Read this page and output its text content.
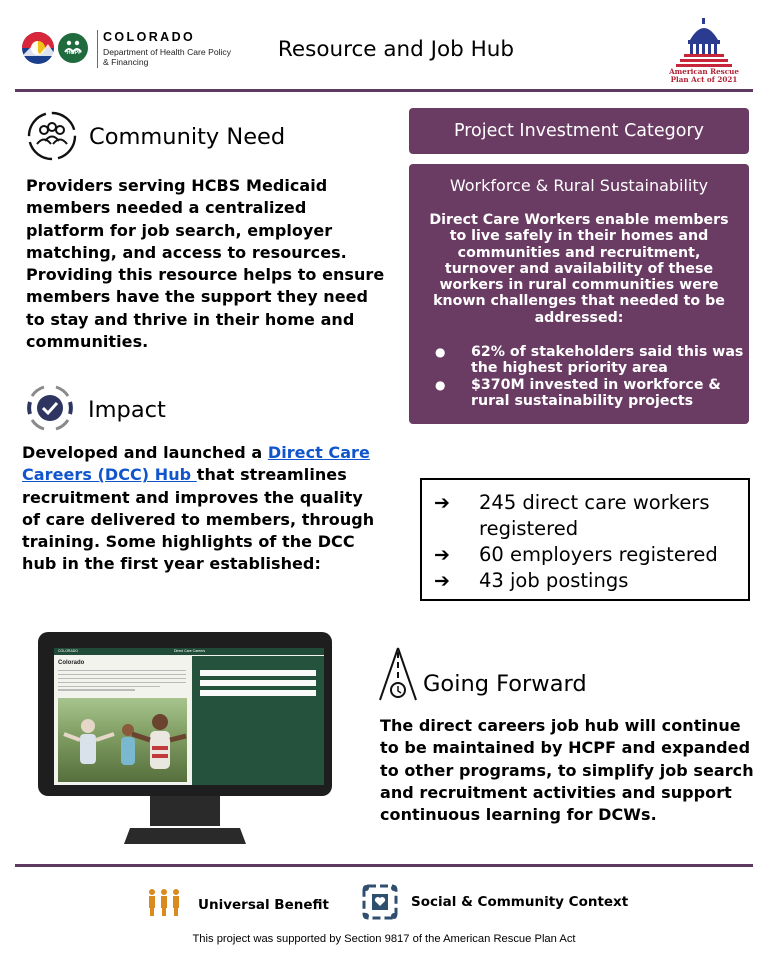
HCPF
COLORADO
Department of Health Care Policy & Financing	Resource and Job Hub
American Rescue Plan Act of 2021
Community Need
Providers serving HCBS Medicaid members needed a centralized platform for job search, employer matching, and access to resources. Providing this resource helps to ensure members have the support they need to stay and thrive in their home and communities.
Impact
Developed and launched a Direct Care Careers (DCC) Hub that streamlines recruitment and improves the quality of care delivered to members, through training. Some highlights of the DCC hub in the first year established:
Project Investment Category
Workforce & Rural Sustainability
Direct Care Workers enable members to live safely in their homes and communities and recruitment, turnover and availability of these workers in rural communities were known challenges that needed to be addressed:
● 62% of stakeholders said this was the highest priority area
● $370M invested in workforce & rural sustainability projects
➔ 245 direct care workers registered
➔ 60 employers registered
➔ 43 job postings
COLORADO	Direct Care Careers
Colorado
Going Forward
The direct careers job hub will continue to be maintained by HCPF and expanded to other programs, to simplify job search and recruitment activities and support continuous learning for DCWs.
Universal Benefit	Social & Community Context
This project was supported by Section 9817 of the American Rescue Plan Act
